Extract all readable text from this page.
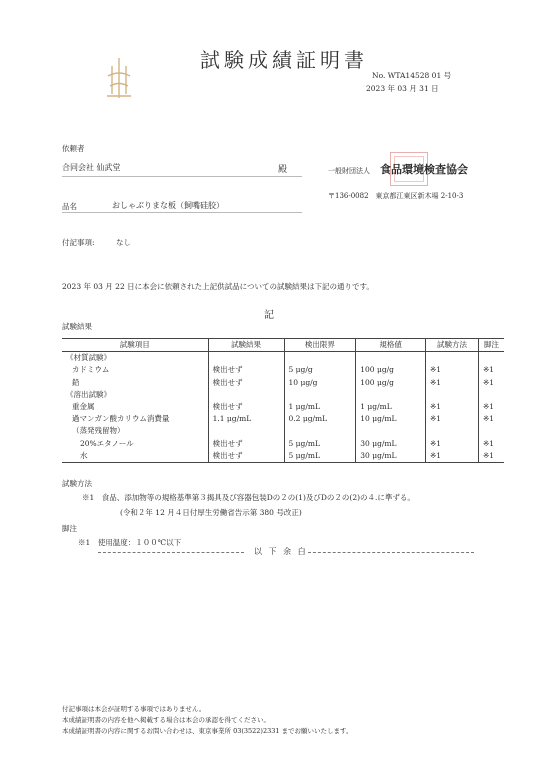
試験成績証明書
No. WTA14528 01 号
2023 年 03 月 31 日
依頼者
合同会社 仙武堂	殿	一般財団法人 食品環境検査協会
〒136-0082　東京都江東区新木場 2-10-3
品名	おしゃぶりまな板（飼嘴硅胶）
付記事項:	なし
2023 年 03 月 22 日に本会に依頼された上記供試品についての試験結果は下記の通りです。
記
試験結果
試験項目	試験結果	検出限界	規格値	試験方法	脚注
《材質試験》					
カドミウム	検出せず	5 μg/g	100 μg/g	※1	※1
鉛	検出せず	10 μg/g	100 μg/g	※1	※1
《溶出試験》					
重金属	検出せず	1 μg/mL	1 μg/mL	※1	※1
過マンガン酸カリウム消費量	1.1 μg/mL	0.2 μg/mL	10 μg/mL	※1	※1
（蒸発残留物）					
20%エタノール	検出せず	5 μg/mL	30 μg/mL	※1	※1
水	検出せず	5 μg/mL	30 μg/mL	※1	※1
試験方法
※1　食品、添加物等の規格基準第３揭具及び容器包装Dの２の(1)及びDの２の(2)の４.に準ずる。
(令和２年 12 月４日付厚生労働省告示第 380 号改正)
脚注
※1　使用温度：１００℃以下
以 下 余 白
付記事項は本会が証明する事項ではありません。
本成績証明書の内容を他へ掲載する場合は本会の承認を得てください。
本成績証明書の内容に関するお問い合わせは、東京事業所 03(3522)2331 までお願いいたします。
